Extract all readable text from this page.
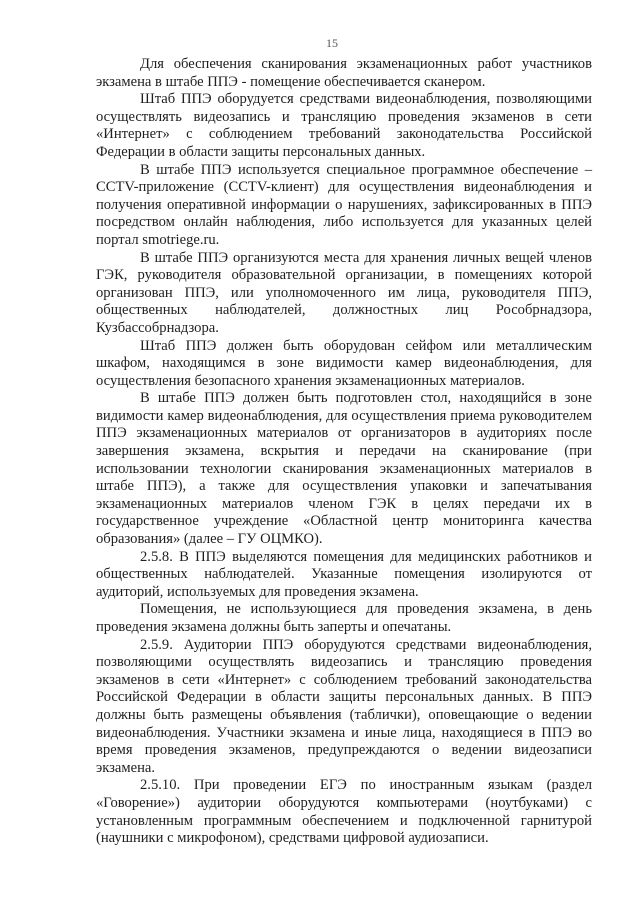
15

Для обеспечения сканирования экзаменационных работ участников экзамена в штабе ППЭ - помещение обеспечивается сканером.

Штаб ППЭ оборудуется средствами видеонаблюдения, позволяющими осуществлять видеозапись и трансляцию проведения экзаменов в сети «Интернет» с соблюдением требований законодательства Российской Федерации в области защиты персональных данных.

В штабе ППЭ используется специальное программное обеспечение – CCTV-приложение (CCTV-клиент) для осуществления видеонаблюдения и получения оперативной информации о нарушениях, зафиксированных в ППЭ посредством онлайн наблюдения, либо используется для указанных целей портал smotriege.ru.

В штабе ППЭ организуются места для хранения личных вещей членов ГЭК, руководителя образовательной организации, в помещениях которой организован ППЭ, или уполномоченного им лица, руководителя ППЭ, общественных наблюдателей, должностных лиц Рособрнадзора, Кузбассобрнадзора.

Штаб ППЭ должен быть оборудован сейфом или металлическим шкафом, находящимся в зоне видимости камер видеонаблюдения, для осуществления безопасного хранения экзаменационных материалов.

В штабе ППЭ должен быть подготовлен стол, находящийся в зоне видимости камер видеонаблюдения, для осуществления приема руководителем ППЭ экзаменационных материалов от организаторов в аудиториях после завершения экзамена, вскрытия и передачи на сканирование (при использовании технологии сканирования экзаменационных материалов в штабе ППЭ), а также для осуществления упаковки и запечатывания экзаменационных материалов членом ГЭК в целях передачи их в государственное учреждение «Областной центр мониторинга качества образования» (далее – ГУ ОЦМКО).

2.5.8. В ППЭ выделяются помещения для медицинских работников и общественных наблюдателей. Указанные помещения изолируются от аудиторий, используемых для проведения экзамена.

Помещения, не использующиеся для проведения экзамена, в день проведения экзамена должны быть заперты и опечатаны.

2.5.9. Аудитории ППЭ оборудуются средствами видеонаблюдения, позволяющими осуществлять видеозапись и трансляцию проведения экзаменов в сети «Интернет» с соблюдением требований законодательства Российской Федерации в области защиты персональных данных. В ППЭ должны быть размещены объявления (таблички), оповещающие о ведении видеонаблюдения. Участники экзамена и иные лица, находящиеся в ППЭ во время проведения экзаменов, предупреждаются о ведении видеозаписи экзамена.

2.5.10. При проведении ЕГЭ по иностранным языкам (раздел «Говорение») аудитории оборудуются компьютерами (ноутбуками) с установленным программным обеспечением и подключенной гарнитурой (наушники с микрофоном), средствами цифровой аудиозаписи.
